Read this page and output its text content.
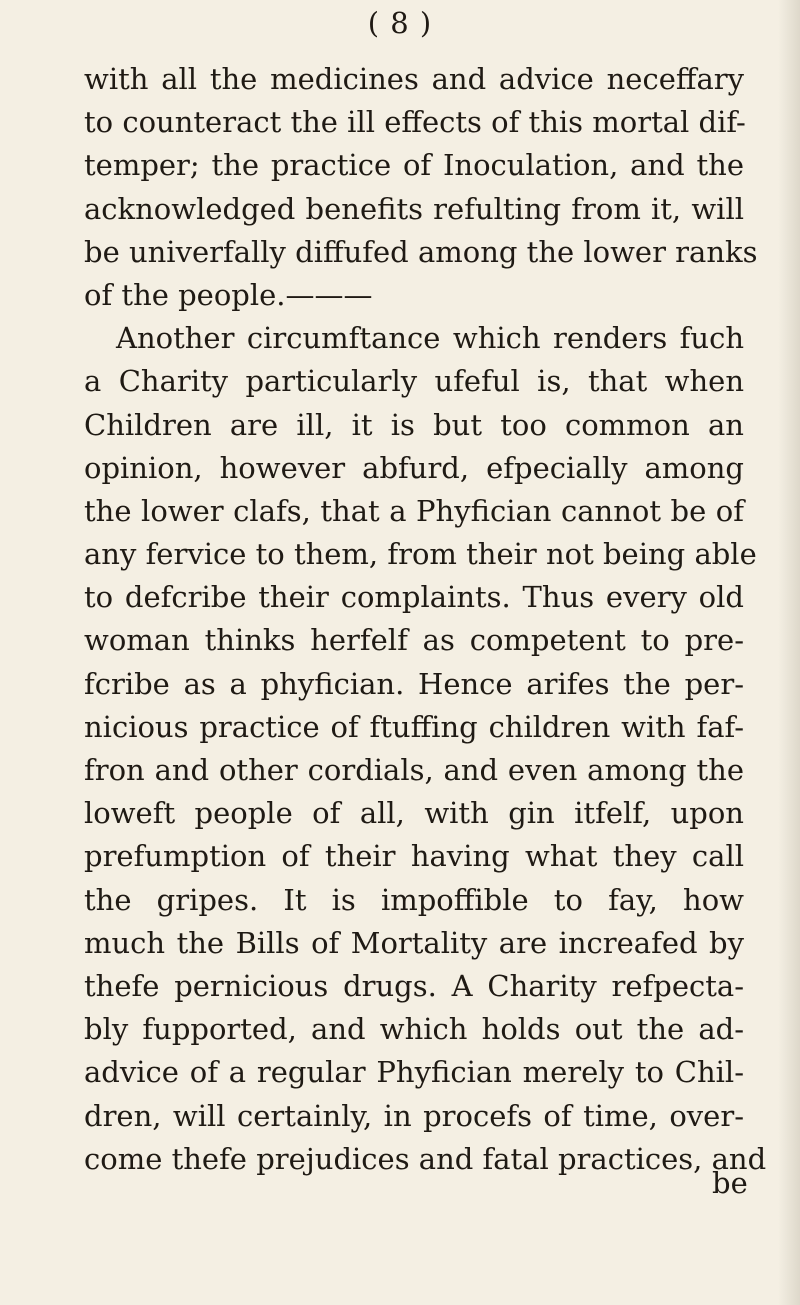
( 8 )
with all the medicines and advice neceffary
to counteract the ill effects of this mortal dif-
temper; the practice of Inoculation, and the
acknowledged benefits refulting from it, will
be univerfally diffufed among the lower ranks
of the people.———
Another circumftance which renders fuch
a Charity particularly ufeful is, that when
Children are ill, it is but too common an
opinion, however abfurd, efpecially among
the lower clafs, that a Phyfician cannot be of
any fervice to them, from their not being able
to defcribe their complaints. Thus every old
woman thinks herfelf as competent to pre-
fcribe as a phyfician. Hence arifes the per-
nicious practice of ftuffing children with faf-
fron and other cordials, and even among the
loweft people of all, with gin itfelf, upon
prefumption of their having what they call
the gripes. It is impoffible to fay, how
much the Bills of Mortality are increafed by
thefe pernicious drugs. A Charity refpecta-
bly fupported, and which holds out the ad-
advice of a regular Phyfician merely to Chil-
dren, will certainly, in procefs of time, over-
come thefe prejudices and fatal practices, and
be
